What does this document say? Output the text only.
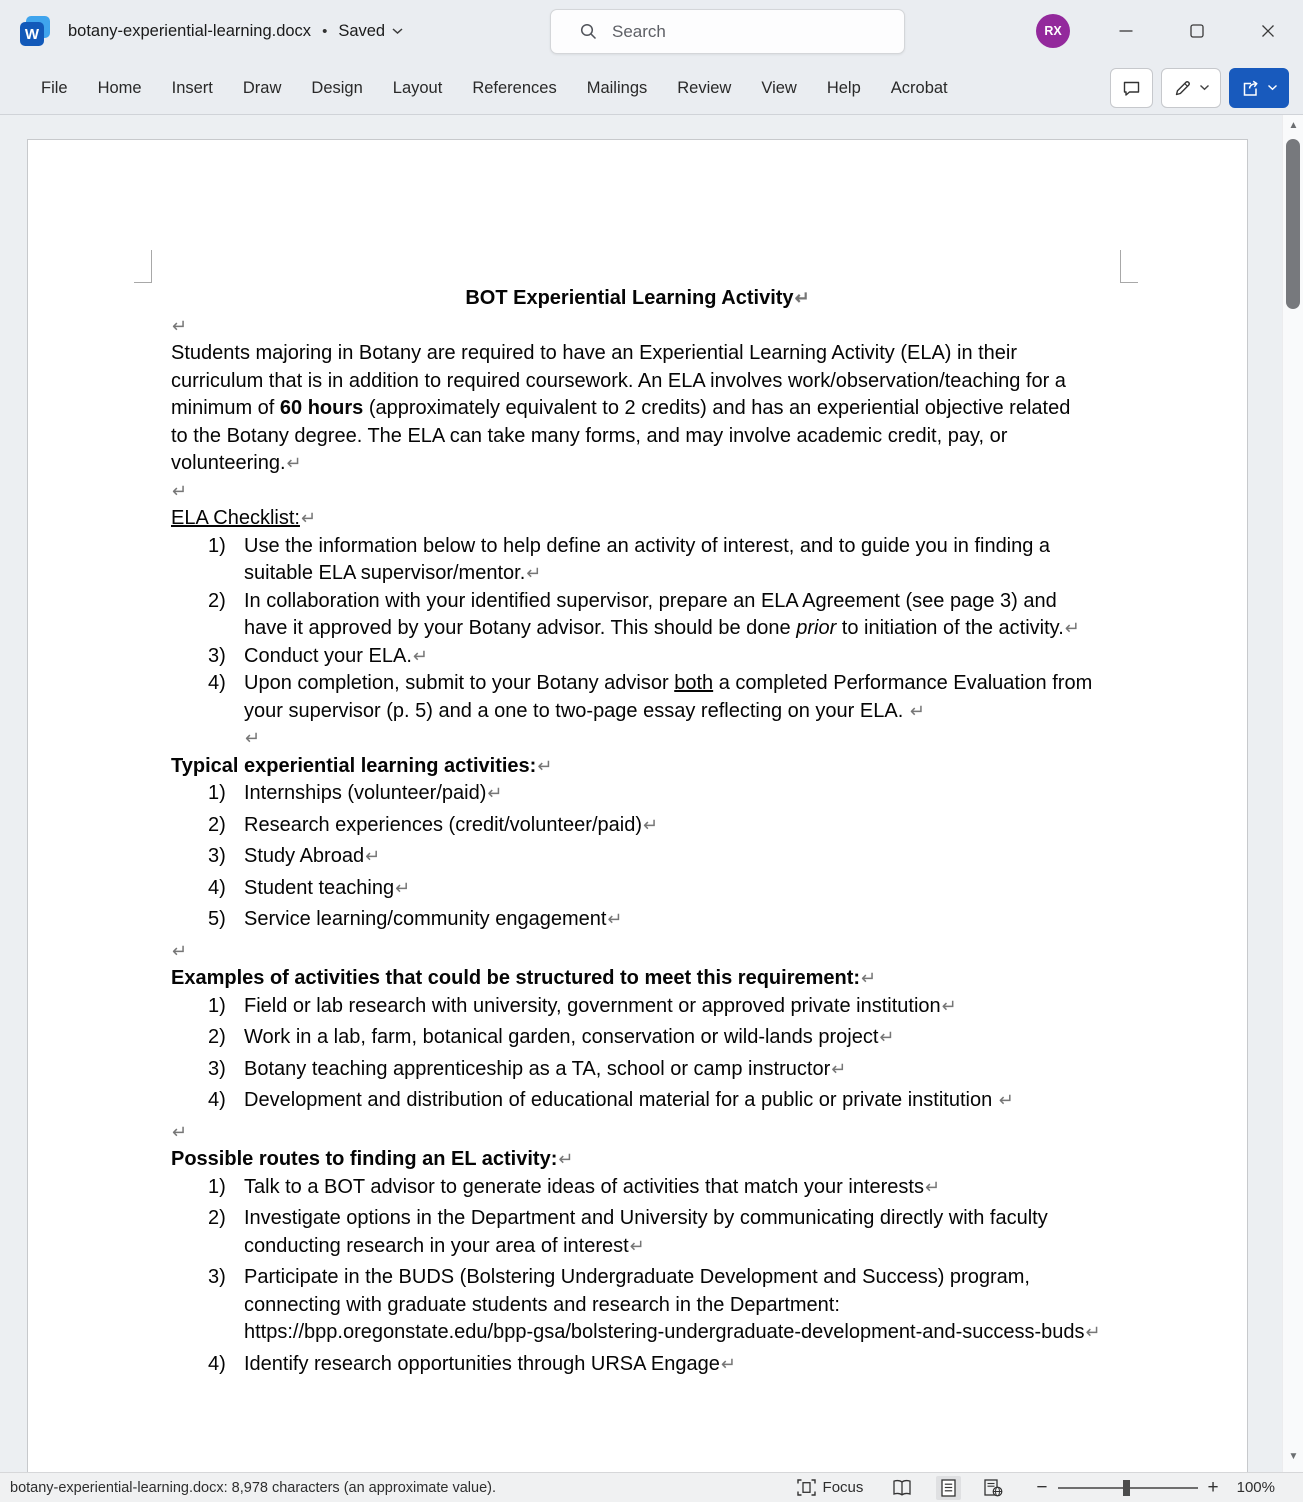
W botany-experiential-learning.docx • Saved	Search	RX
File	Home	Insert	Draw	Design	Layout	References	Mailings	Review	View	Help	Acrobat
BOT Experiential Learning Activity↵
↵
Students majoring in Botany are required to have an Experiential Learning Activity (ELA) in their curriculum that is in addition to required coursework. An ELA involves work/observation/teaching for a minimum of 60 hours (approximately equivalent to 2 credits) and has an experiential objective related to the Botany degree. The ELA can take many forms, and may involve academic credit, pay, or volunteering.↵
↵
ELA Checklist:↵
1) Use the information below to help define an activity of interest, and to guide you in finding a suitable ELA supervisor/mentor.↵
2) In collaboration with your identified supervisor, prepare an ELA Agreement (see page 3) and have it approved by your Botany advisor. This should be done prior to initiation of the activity.↵
3) Conduct your ELA.↵
4) Upon completion, submit to your Botany advisor both a completed Performance Evaluation from your supervisor (p. 5) and a one to two-page essay reflecting on your ELA. ↵
↵
Typical experiential learning activities:↵
1) Internships (volunteer/paid)↵
2) Research experiences (credit/volunteer/paid)↵
3) Study Abroad↵
4) Student teaching↵
5) Service learning/community engagement↵
↵
Examples of activities that could be structured to meet this requirement:↵
1) Field or lab research with university, government or approved private institution↵
2) Work in a lab, farm, botanical garden, conservation or wild-lands project↵
3) Botany teaching apprenticeship as a TA, school or camp instructor↵
4) Development and distribution of educational material for a public or private institution ↵
↵
Possible routes to finding an EL activity:↵
1) Talk to a BOT advisor to generate ideas of activities that match your interests↵
2) Investigate options in the Department and University by communicating directly with faculty conducting research in your area of interest↵
3) Participate in the BUDS (Bolstering Undergraduate Development and Success) program, connecting with graduate students and research in the Department: https://bpp.oregonstate.edu/bpp-gsa/bolstering-undergraduate-development-and-success-buds↵
4) Identify research opportunities through URSA Engage↵
▲
▼
botany-experiential-learning.docx: 8,978 characters (an approximate value).	Focus	−	+ 100%
